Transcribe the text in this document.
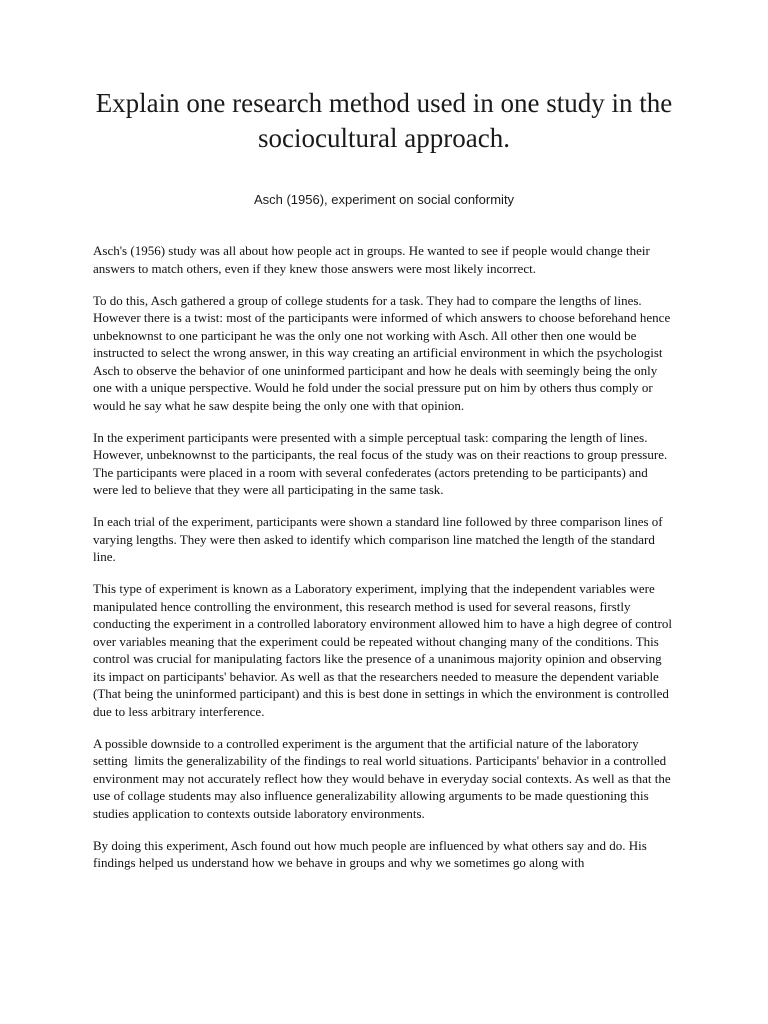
Explain one research method used in one study in the sociocultural approach.
Asch (1956), experiment on social conformity

Asch's (1956) study was all about how people act in groups. He wanted to see if people would change their answers to match others, even if they knew those answers were most likely incorrect.

To do this, Asch gathered a group of college students for a task. They had to compare the lengths of lines. However there is a twist: most of the participants were informed of which answers to choose beforehand hence unbeknownst to one participant he was the only one not working with Asch. All other then one would be instructed to select the wrong answer, in this way creating an artificial environment in which the psychologist Asch to observe the behavior of one uninformed participant and how he deals with seemingly being the only one with a unique perspective. Would he fold under the social pressure put on him by others thus comply or would he say what he saw despite being the only one with that opinion.

In the experiment participants were presented with a simple perceptual task: comparing the length of lines. However, unbeknownst to the participants, the real focus of the study was on their reactions to group pressure. The participants were placed in a room with several confederates (actors pretending to be participants) and were led to believe that they were all participating in the same task.

In each trial of the experiment, participants were shown a standard line followed by three comparison lines of varying lengths. They were then asked to identify which comparison line matched the length of the standard line.

This type of experiment is known as a Laboratory experiment, implying that the independent variables were manipulated hence controlling the environment, this research method is used for several reasons, firstly  conducting the experiment in a controlled laboratory environment allowed him to have a high degree of control over variables meaning that the experiment could be repeated without changing many of the conditions. This control was crucial for manipulating factors like the presence of a unanimous majority opinion and observing its impact on participants' behavior. As well as that the researchers needed to measure the dependent variable (That being the uninformed participant) and this is best done in settings in which the environment is controlled due to less arbitrary interference.

A possible downside to a controlled experiment is the argument that the artificial nature of the laboratory setting  limits the generalizability of the findings to real world situations. Participants' behavior in a controlled environment may not accurately reflect how they would behave in everyday social contexts. As well as that the use of collage students may also influence generalizability allowing arguments to be made questioning this studies application to contexts outside laboratory environments.

By doing this experiment, Asch found out how much people are influenced by what others say and do. His findings helped us understand how we behave in groups and why we sometimes go along with
